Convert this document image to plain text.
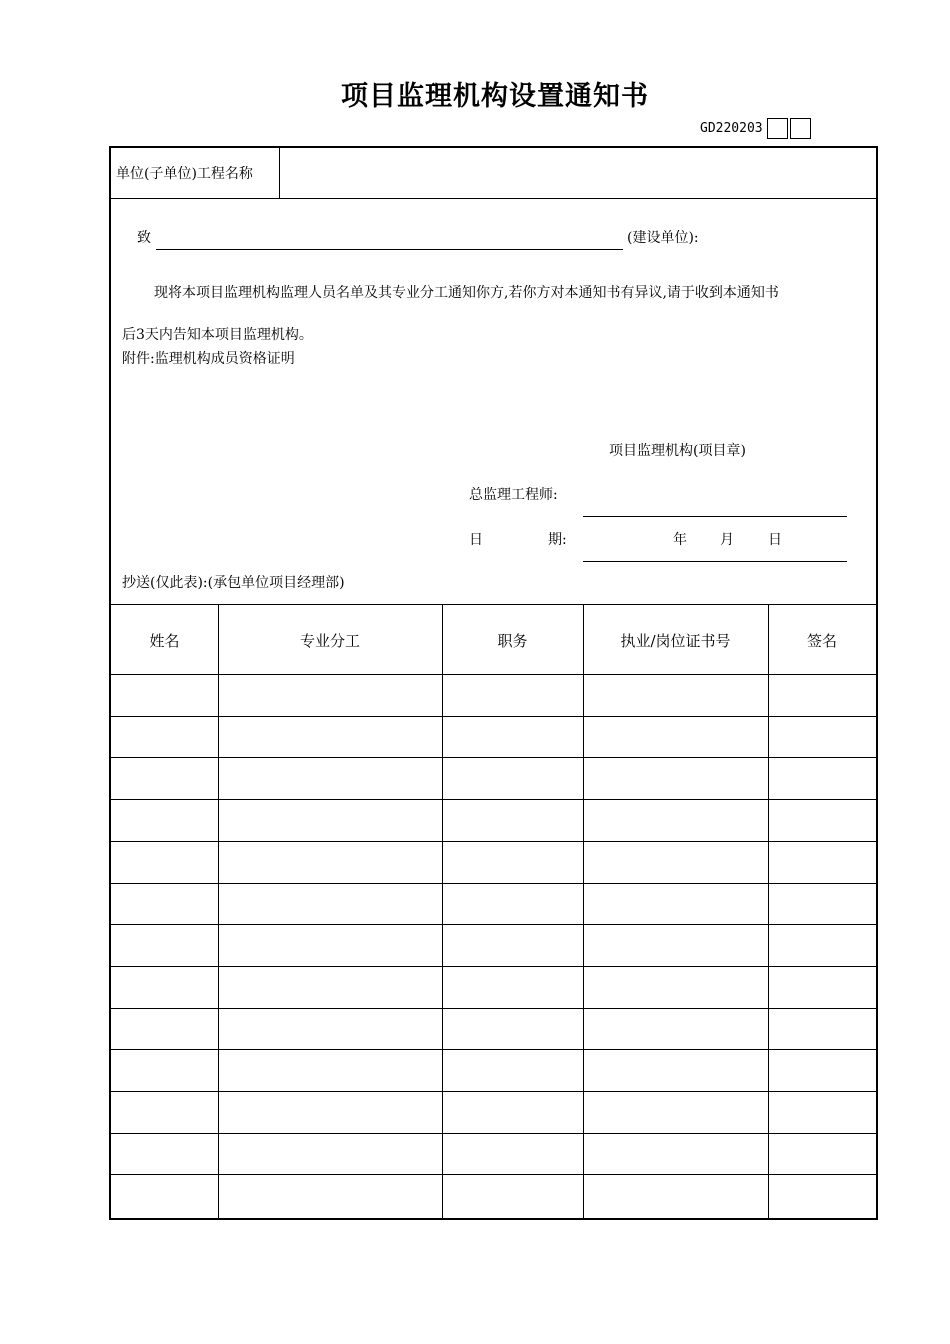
项目监理机构设置通知书
GD220203
单位(子单位)工程名称
致	(建设单位):
现将本项目监理机构监理人员名单及其专业分工通知你方,若你方对本通知书有异议,请于收到本通知书
后3天内告知本项目监理机构。
附件:监理机构成员资格证明
项目监理机构(项目章)
总监理工程师:
日	期:	年 月 日
抄送(仅此表):(承包单位项目经理部)
姓名	专业分工	职务	执业/岗位证书号	签名
